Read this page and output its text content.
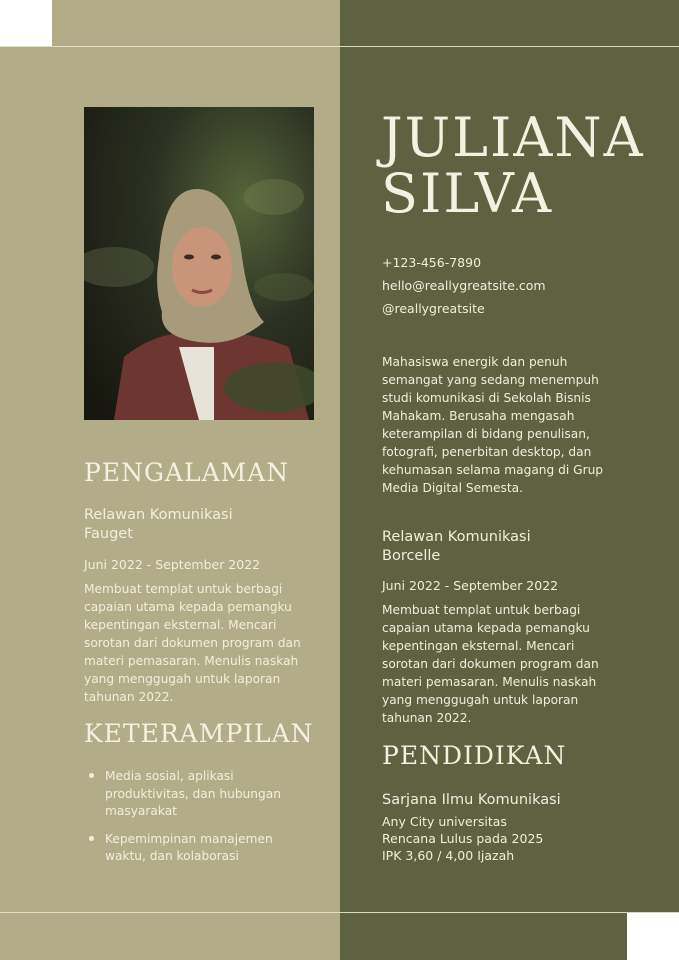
JULIANA
SILVA
+123-456-7890
hello@reallygreatsite.com
@reallygreatsite
Mahasiswa energik dan penuh semangat yang sedang menempuh studi komunikasi di Sekolah Bisnis Mahakam. Berusaha mengasah keterampilan di bidang penulisan, fotografi, penerbitan desktop, dan kehumasan selama magang di Grup Media Digital Semesta.
PENGALAMAN
Relawan Komunikasi
Fauget
Juni 2022 - September 2022
Membuat templat untuk berbagi capaian utama kepada pemangku kepentingan eksternal. Mencari sorotan dari dokumen program dan materi pemasaran. Menulis naskah yang menggugah untuk laporan tahunan 2022.
KETERAMPILAN
Media sosial, aplikasi produktivitas, dan hubungan masyarakat
Kepemimpinan manajemen waktu, dan kolaborasi
Relawan Komunikasi
Borcelle
Juni 2022 - September 2022
Membuat templat untuk berbagi capaian utama kepada pemangku kepentingan eksternal. Mencari sorotan dari dokumen program dan materi pemasaran. Menulis naskah yang menggugah untuk laporan tahunan 2022.
PENDIDIKAN
Sarjana Ilmu Komunikasi
Any City universitas
Rencana Lulus pada 2025
IPK 3,60 / 4,00 Ijazah
